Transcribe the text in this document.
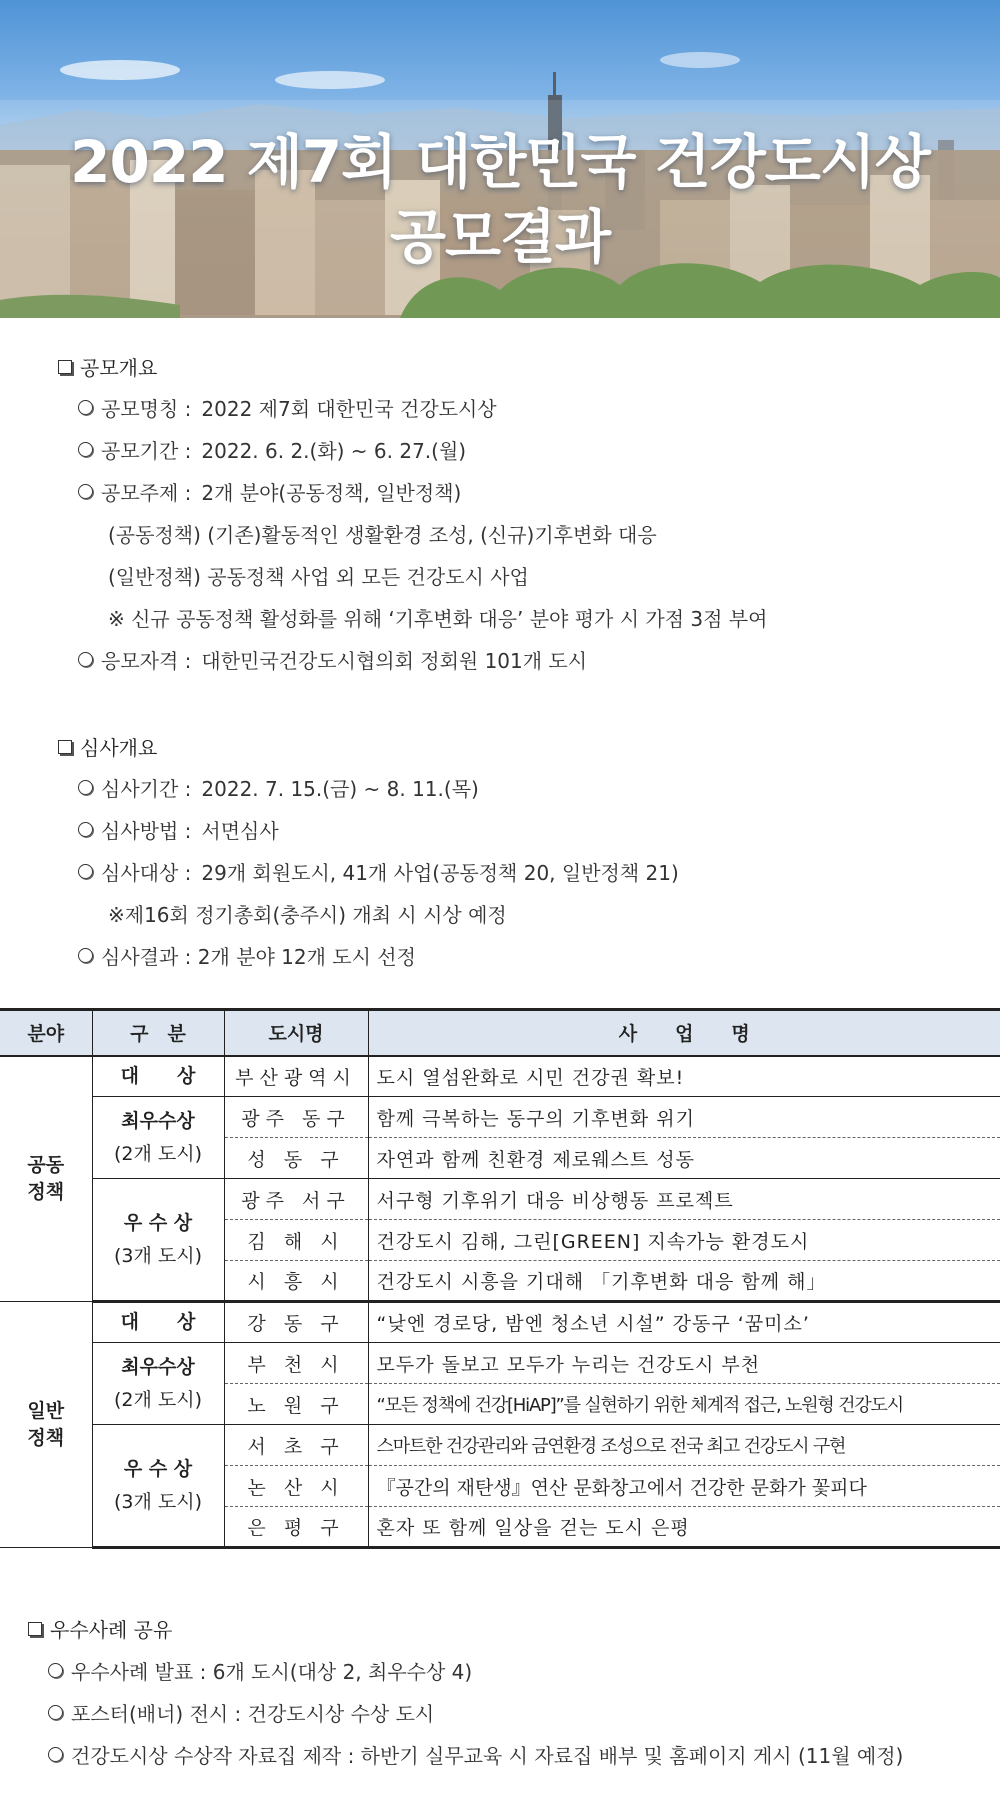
2022 제7회 대한민국 건강도시상
공모결과
공모개요
공모명칭 : 2022 제7회 대한민국 건강도시상
공모기간 : 2022. 6. 2.(화) ~ 6. 27.(월)
공모주제 : 2개 분야(공동정책, 일반정책)
(공동정책) (기존)활동적인 생활환경 조성, (신규)기후변화 대응
(일반정책) 공동정책 사업 외 모든 건강도시 사업
※ 신규 공동정책 활성화를 위해 ‘기후변화 대응’ 분야 평가 시 가점 3점 부여
응모자격 : 대한민국건강도시협의회 정회원 101개 도시
심사개요
심사기간 : 2022. 7. 15.(금) ~ 8. 11.(목)
심사방법 : 서면심사
심사대상 : 29개 회원도시, 41개 사업(공동정책 20, 일반정책 21)
※제16회 정기총회(충주시) 개최 시 시상 예정
심사결과 : 2개 분야 12개 도시 선정
분야	구　분	도시명	사　　업　　명

공동
정책	대　　상	부산광역시	도시 열섬완화로 시민 건강권 확보!

	최우수상
(2개 도시)	광주 동구	함께 극복하는 동구의 기후변화 위기
		성 동 구	자연과 함께 친환경 제로웨스트 성동

	우 수 상
(3개 도시)	광주 서구	서구형 기후위기 대응 비상행동 프로젝트
		김 해 시	건강도시 김해, 그린[GREEN] 지속가능 환경도시
		시 흥 시	건강도시 시흥을 기대해 「기후변화 대응 함께 해」

일반
정책	대　　상	강 동 구	“낮엔 경로당, 밤엔 청소년 시설” 강동구 ‘꿈미소’

	최우수상
(2개 도시)	부 천 시	모두가 돌보고 모두가 누리는 건강도시 부천
		노 원 구	“모든 정책에 건강[HiAP]”를 실현하기 위한 체계적 접근, 노원형 건강도시

	우 수 상
(3개 도시)	서 초 구	스마트한 건강관리와 금연환경 조성으로 전국 최고 건강도시 구현
		논 산 시	『공간의 재탄생』연산 문화창고에서 건강한 문화가 꽃피다
		은 평 구	혼자 또 함께 일상을 걷는 도시 은평
우수사례 공유
우수사례 발표 : 6개 도시(대상 2, 최우수상 4)
포스터(배너) 전시 : 건강도시상 수상 도시
건강도시상 수상작 자료집 제작 : 하반기 실무교육 시 자료집 배부 및 홈페이지 게시 (11월 예정)
